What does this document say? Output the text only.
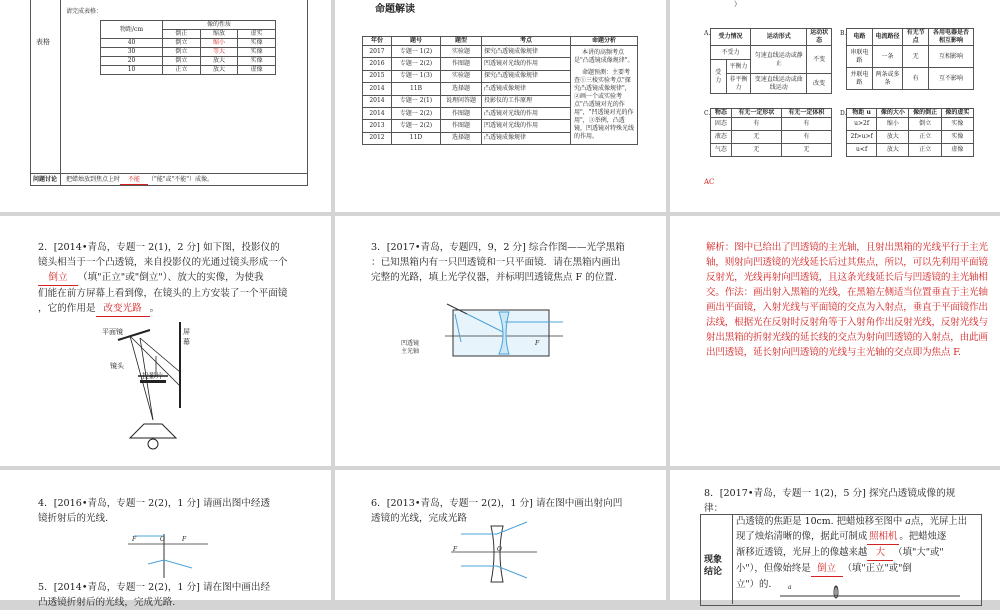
表格
请完成表格：
物距/cm	像的性质		
	倒正	缩放	虚实
40	倒立	缩小	实像
30	倒立	等大	实像
20	倒立	放大	实像
10	正立	放大	虚像
问题讨论 把蜡烛放到焦点上时 不能 （"能"或"不能"）成像。
命题解读
年份	题号	题型	考点	命题分析
2017	专题一 1(2)	实验题	探究凸透镜成像规律	本讲的高频考点是"凸透镜成像规律"。
命题预测：主要考查①三棱实验考点"探究凸透镜成像规律"，②画一个或实验考点"凸透镜对光的作用"，"凹透镜对光的作用"，③举例，凸透镜，凹透镜对特殊光线的作用。

2016	专题一 2(2)	作图题	凹透镜对光线的作用	
2015	专题一 1(3)	实验题	探究凸透镜成像规律	
2014	11B	选择题	凸透镜成像规律	
2014	专题一 2(1)	说理问答题	投影仪的工作原理	
2014	专题一 2(2)	作图题	凸透镜对光线的作用	
2013	专题一 2(2)	作图题	凹透镜对光线的作用	
2012	11D	选择题	凸透镜成像规律	
）
A.	B.
C.	D.
受力情况		运动形式	运动状态
不受力		匀速直线运动或静止	不变
受力	平衡力		
	非平衡力	变速直线运动或曲线运动	改变
电路	电流路径	有无节点	各用电器是否相互影响
串联电路	一条	无	互相影响
并联电路	两条或多条	有	互不影响
物态	有无一定形状	有无一定体积
固态	有	有
液态	无	有
气态	无	无
物距 u	像的大小	像的倒正	像的虚实
u>2f	缩小	倒立	实像
2f>u>f	放大	正立	实像
u<f	放大	正立	虚像
AC
2．[2014•青岛，专题一 2(1)，2 分] 如下图，投影仪的
镜头相当于一个凸透镜，来自投影仪的光通过镜头形成一个
倒立 （填"正立"或"倒立"）、放大的实像，为使我
们能在前方屏幕上看到像，在镜头的上方安装了一个平面镜
，它的作用是 改变光路 。
平面镜	屏
幕
镜头
投影片
3．[2017•青岛，专题四，9，2 分] 综合作图——光学黑箱
：已知黑箱内有一只凹透镜和一只平面镜．请在黑箱内画出
完整的光路，填上光学仪器，并标明凹透镜焦点 F 的位置.
凹透镜
主光轴
F
解析：图中已给出了凹透镜的主光轴，且射出黑箱的光线平行于主光轴，则射向凹透镜的光线延长后过其焦点，所以，可以先利用平面镜反射光，光线再射向凹透镜，且这条光线延长后与凹透镜的主光轴相交。作法：画出射入黑箱的光线，在黑箱左侧适当位置垂直于主光轴画出平面镜，入射光线与平面镜的交点为入射点，垂直于平面镜作出法线，根据光在反射时反射角等于入射角作出反射光线，反射光线与射出黑箱的折射光线的延长线的交点为射向凹透镜的入射点，由此画出凹透镜，延长射向凹透镜的光线与主光轴的交点即为焦点 F.
4．[2016•青岛，专题一 2(2)，1 分] 请画出图中经透
镜折射后的光线.
F	O	F
5．[2014•青岛，专题一 2(2)，1 分] 请在图中画出经
凸透镜折射后的光线，完成光路.
6．[2013•青岛，专题一 2(2)，1 分] 请在图中画出射向凹
透镜的光线，完成光路
F	O
8．[2017•青岛，专题一 1(2)，5 分] 探究凸透镜成像的规
律：
现象
结论
凸透镜的焦距是 10cm. 把蜡烛移至图中 a点，光屏上出
现了烛焰清晰的像，据此可制成 照相机 。把蜡烛逐
渐移近透镜，光屏上的像越来越 大 （填"大"或"
小"），但像始终是 倒立 （填"正立"或"倒
立"）的.	a
